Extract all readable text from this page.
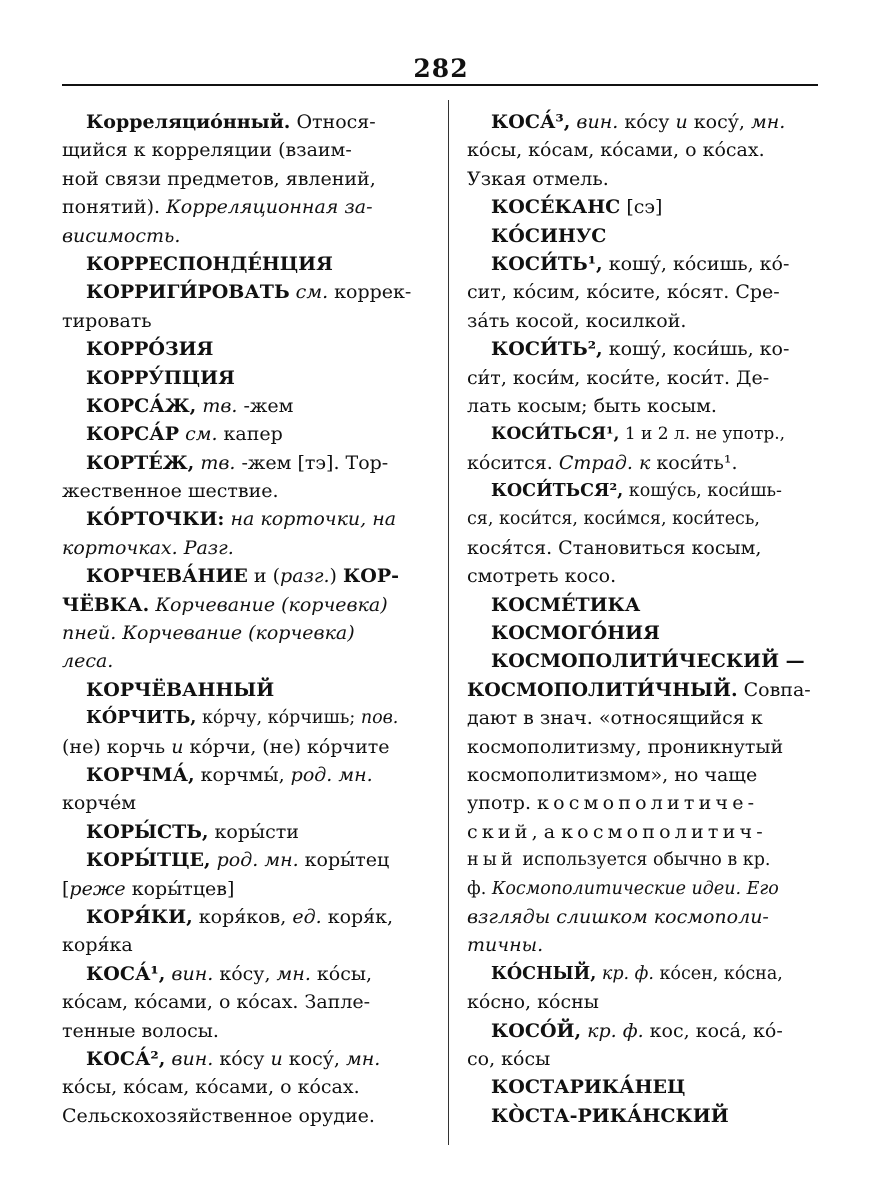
282
Корреляцио́нный. Относя-
щийся к корреляции (взаим-
ной связи предметов, явлений,
понятий). Корреляционная за-
висимость.
КОРРЕСПОНДЕ́НЦИЯ
КОРРИГИ́РОВАТЬ см. коррек-
тировать
КОРРО́ЗИЯ
КОРРУ́ПЦИЯ
КОРСА́Ж, тв. -жем
КОРСА́Р см. капер
КОРТЕ́Ж, тв. -жем [тэ]. Тор-
жественное шествие.
КО́РТОЧКИ: на корточки, на
корточках. Разг.
КОРЧЕВА́НИЕ и (разг.) КОР-
ЧЁВКА. Корчевание (корчевка)
пней. Корчевание (корчевка)
леса.
КОРЧЁВАННЫЙ
КО́РЧИТЬ, ко́рчу, ко́рчишь; пов.
(не) корчь и ко́рчи, (не) ко́рчите
КОРЧМА́, корчмы́, род. мн.
корче́м
КОРЫ́СТЬ, коры́сти
КОРЫ́ТЦЕ, род. мн. коры́тец
[реже коры́тцев]
КОРЯ́КИ, коря́ков, ед. коря́к,
коря́ка
КОСА́¹, вин. ко́су, мн. ко́сы,
ко́сам, ко́сами, о ко́сах. Запле-
тенные волосы.
КОСА́², вин. ко́су и косу́, мн.
ко́сы, ко́сам, ко́сами, о ко́сах.
Сельскохозяйственное орудие.
КОСА́³, вин. ко́су и косу́, мн.
ко́сы, ко́сам, ко́сами, о ко́сах.
Узкая отмель.
КОСЕ́КАНС [сэ]
КО́СИНУС
КОСИ́ТЬ¹, кошу́, ко́сишь, ко́-
сит, ко́сим, ко́сите, ко́сят. Сре-
за́ть косой, косилкой.
КОСИ́ТЬ², кошу́, коси́шь, ко-
си́т, коси́м, коси́те, коси́т. Де-
лать косым; быть косым.
КОСИ́ТЬСЯ¹, 1 и 2 л. не употр.,
ко́сится. Страд. к коси́ть¹.
КОСИ́ТЬСЯ², кошу́сь, коси́шь-
ся, коси́тся, коси́мся, коси́тесь,
кося́тся. Становиться косым,
смотреть косо.
КОСМЕ́ТИКА
КОСМОГО́НИЯ
КОСМОПОЛИТИ́ЧЕСКИЙ —
КОСМОПОЛИТИ́ЧНЫЙ. Совпа-
дают в знач. «относящийся к
космополитизму, проникнутый
космополитизмом», но чаще
употр. космополитиче-
ский, а космополитич-
ный используется обычно в кр.
ф. Космополитические идеи. Его
взгляды слишком космополи-
тичны.
КО́СНЫЙ, кр. ф. ко́сен, ко́сна,
ко́сно, ко́сны
КОСО́Й, кр. ф. кос, коса́, ко́-
со, ко́сы
КОСТАРИКА́НЕЦ
КО̀СТА-РИКА́НСКИЙ
